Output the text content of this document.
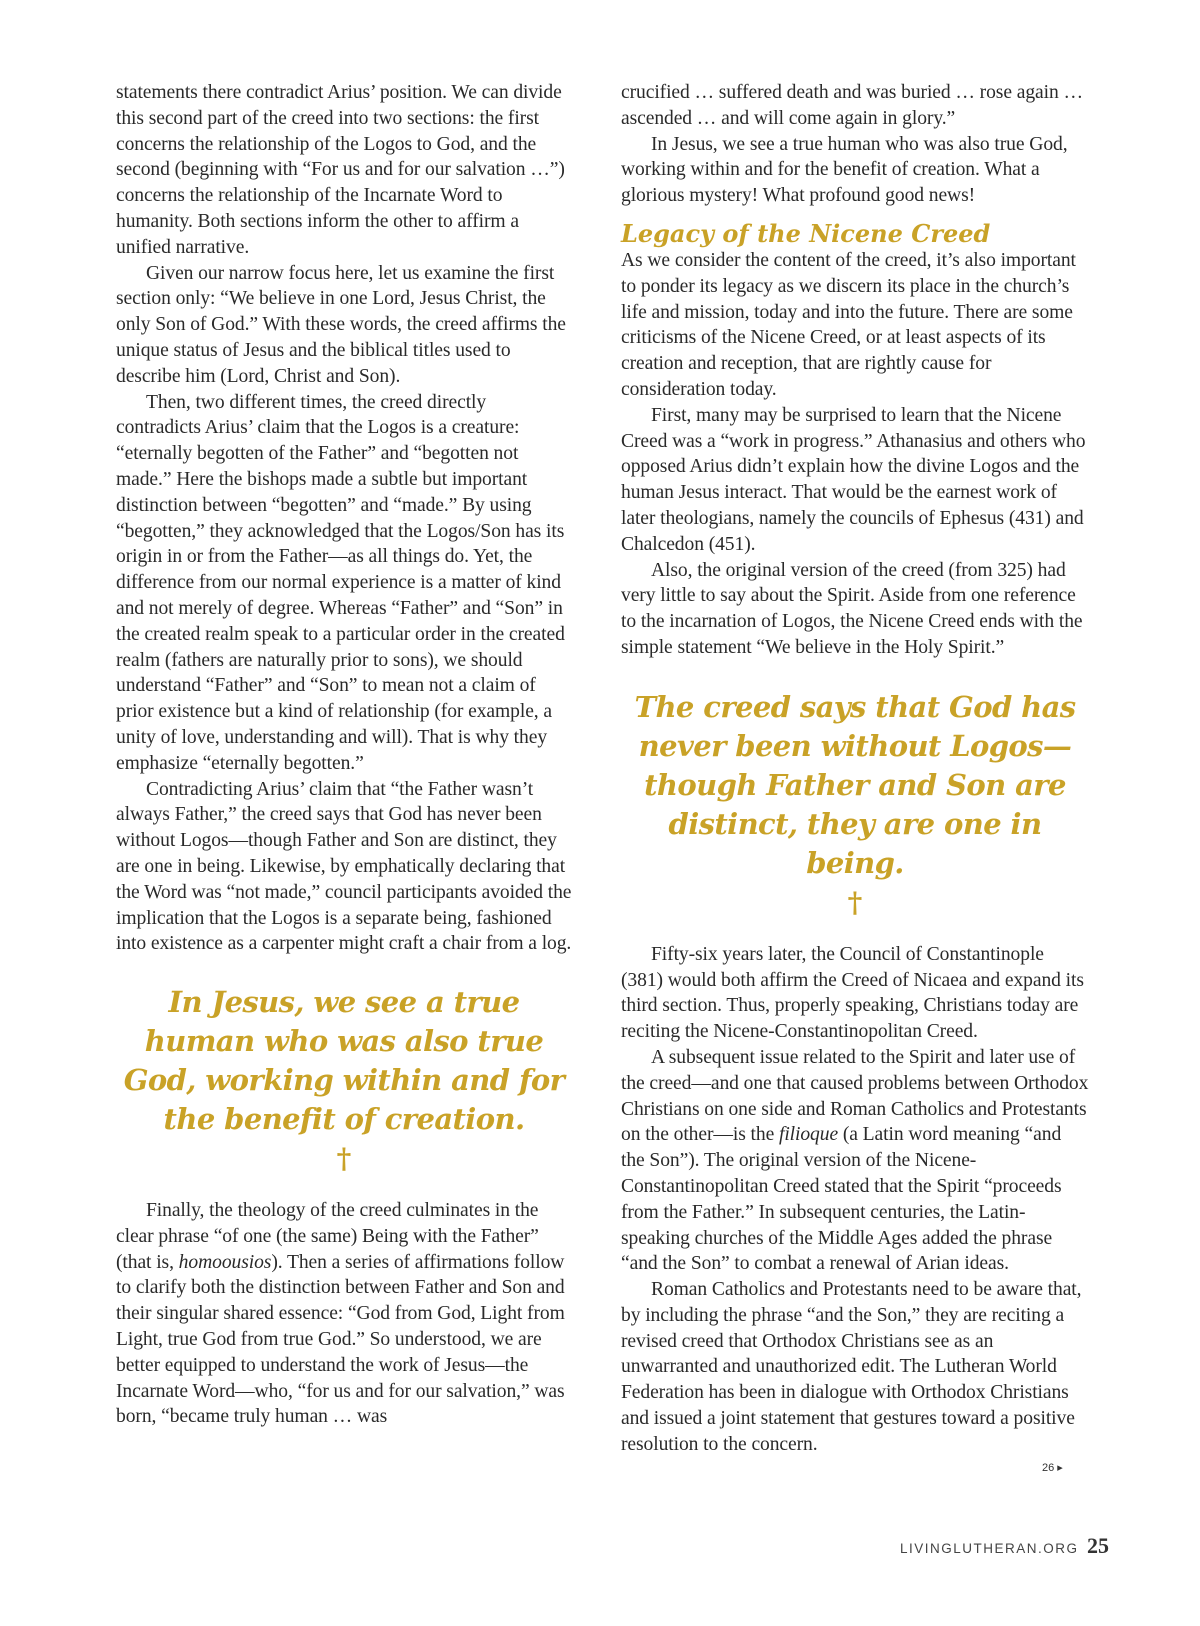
statements there contradict Arius’ position. We can divide this second part of the creed into two sections: the first concerns the relationship of the Logos to God, and the second (beginning with “For us and for our salvation …”) concerns the relationship of the Incarnate Word to humanity. Both sections inform the other to affirm a unified narrative.

Given our narrow focus here, let us examine the first section only: “We believe in one Lord, Jesus Christ, the only Son of God.” With these words, the creed affirms the unique status of Jesus and the biblical titles used to describe him (Lord, Christ and Son).

Then, two different times, the creed directly contradicts Arius’ claim that the Logos is a creature: “eternally begotten of the Father” and “begotten not made.” Here the bishops made a subtle but important distinction between “begotten” and “made.” By using “begotten,” they acknowledged that the Logos/Son has its origin in or from the Father—as all things do. Yet, the difference from our normal experience is a matter of kind and not merely of degree. Whereas “Father” and “Son” in the created realm speak to a particular order in the created realm (fathers are naturally prior to sons), we should understand “Father” and “Son” to mean not a claim of prior existence but a kind of relationship (for example, a unity of love, understanding and will). That is why they emphasize “eternally begotten.”

Contradicting Arius’ claim that “the Father wasn’t always Father,” the creed says that God has never been without Logos—though Father and Son are distinct, they are one in being. Likewise, by emphatically declaring that the Word was “not made,” council participants avoided the implication that the Logos is a separate being, fashioned into existence as a carpenter might craft a chair from a log.

In Jesus, we see a true human who was also true God, working within and for the benefit of creation.
†

Finally, the theology of the creed culminates in the clear phrase “of one (the same) Being with the Father” (that is, homoousios). Then a series of affirmations follow to clarify both the distinction between Father and Son and their singular shared essence: “God from God, Light from Light, true God from true God.” So understood, we are better equipped to understand the work of Jesus—the Incarnate Word—who, “for us and for our salvation,” was born, “became truly human … was

crucified … suffered death and was buried … rose again … ascended … and will come again in glory.”

In Jesus, we see a true human who was also true God, working within and for the benefit of creation. What a glorious mystery! What profound good news!

Legacy of the Nicene Creed

As we consider the content of the creed, it’s also important to ponder its legacy as we discern its place in the church’s life and mission, today and into the future. There are some criticisms of the Nicene Creed, or at least aspects of its creation and reception, that are rightly cause for consideration today.

First, many may be surprised to learn that the Nicene Creed was a “work in progress.” Athanasius and others who opposed Arius didn’t explain how the divine Logos and the human Jesus interact. That would be the earnest work of later theologians, namely the councils of Ephesus (431) and Chalcedon (451).

Also, the original version of the creed (from 325) had very little to say about the Spirit. Aside from one reference to the incarnation of Logos, the Nicene Creed ends with the simple statement “We believe in the Holy Spirit.”

The creed says that God has never been without Logos— though Father and Son are distinct, they are one in being.
†

Fifty-six years later, the Council of Constantinople (381) would both affirm the Creed of Nicaea and expand its third section. Thus, properly speaking, Christians today are reciting the Nicene-Constantinopolitan Creed.

A subsequent issue related to the Spirit and later use of the creed—and one that caused problems between Orthodox Christians on one side and Roman Catholics and Protestants on the other—is the filioque (a Latin word meaning “and the Son”). The original version of the Nicene-Constantinopolitan Creed stated that the Spirit “proceeds from the Father.” In subsequent centuries, the Latin-speaking churches of the Middle Ages added the phrase “and the Son” to combat a renewal of Arian ideas.

Roman Catholics and Protestants need to be aware that, by including the phrase “and the Son,” they are reciting a revised creed that Orthodox Christians see as an unwarranted and unauthorized edit. The Lutheran World Federation has been in dialogue with Orthodox Christians and issued a joint statement that gestures toward a positive resolution to the concern.

26 ▸
LIVINGLUTHERAN.ORG 25
